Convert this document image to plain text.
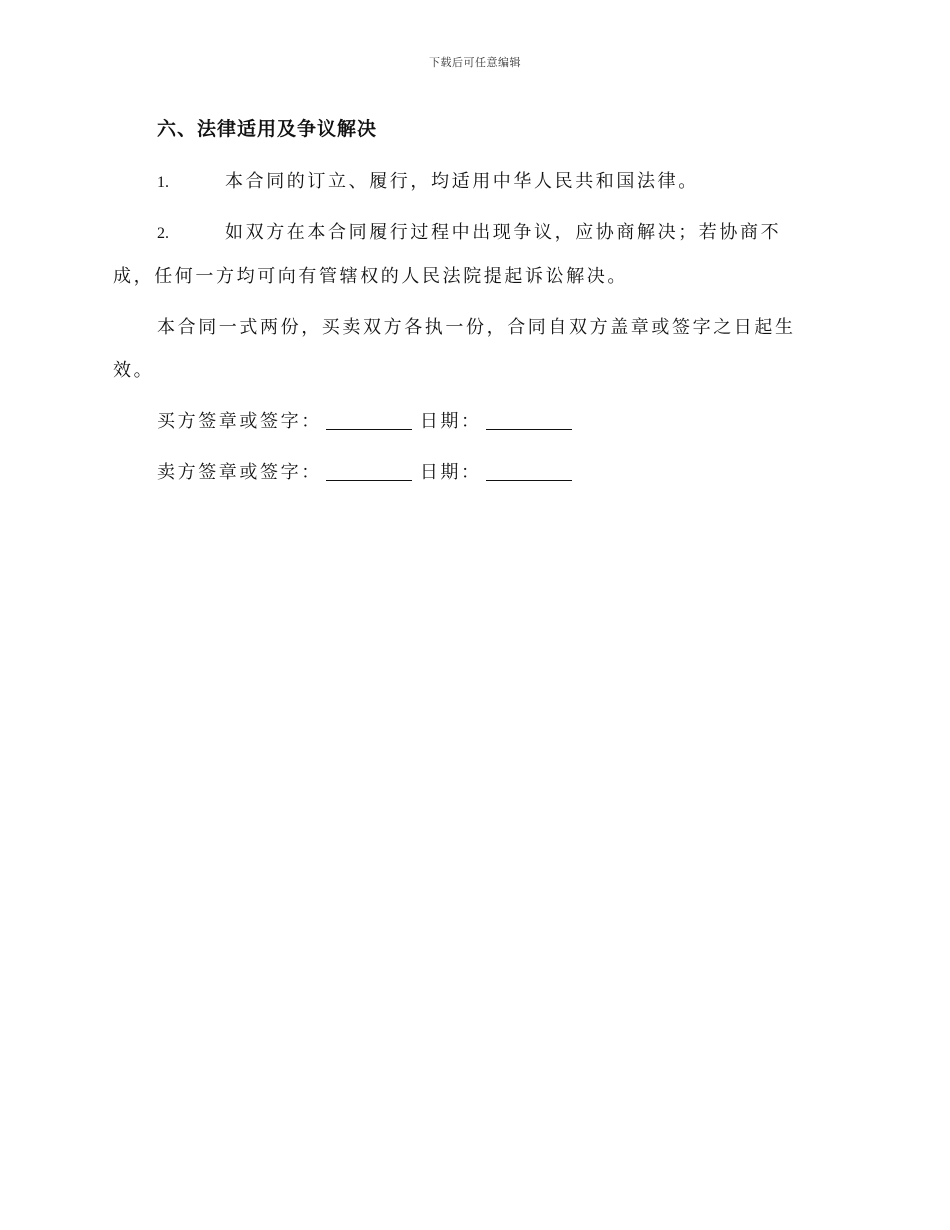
下载后可任意编辑
六、法律适用及争议解决
1.	本合同的订立、履行，均适用中华人民共和国法律。
2.	如双方在本合同履行过程中出现争议，应协商解决；若协商不
成，任何一方均可向有管辖权的人民法院提起诉讼解决。
本合同一式两份，买卖双方各执一份，合同自双方盖章或签字之日起生
效。
买方签章或签字：	日期：
卖方签章或签字：	日期：
